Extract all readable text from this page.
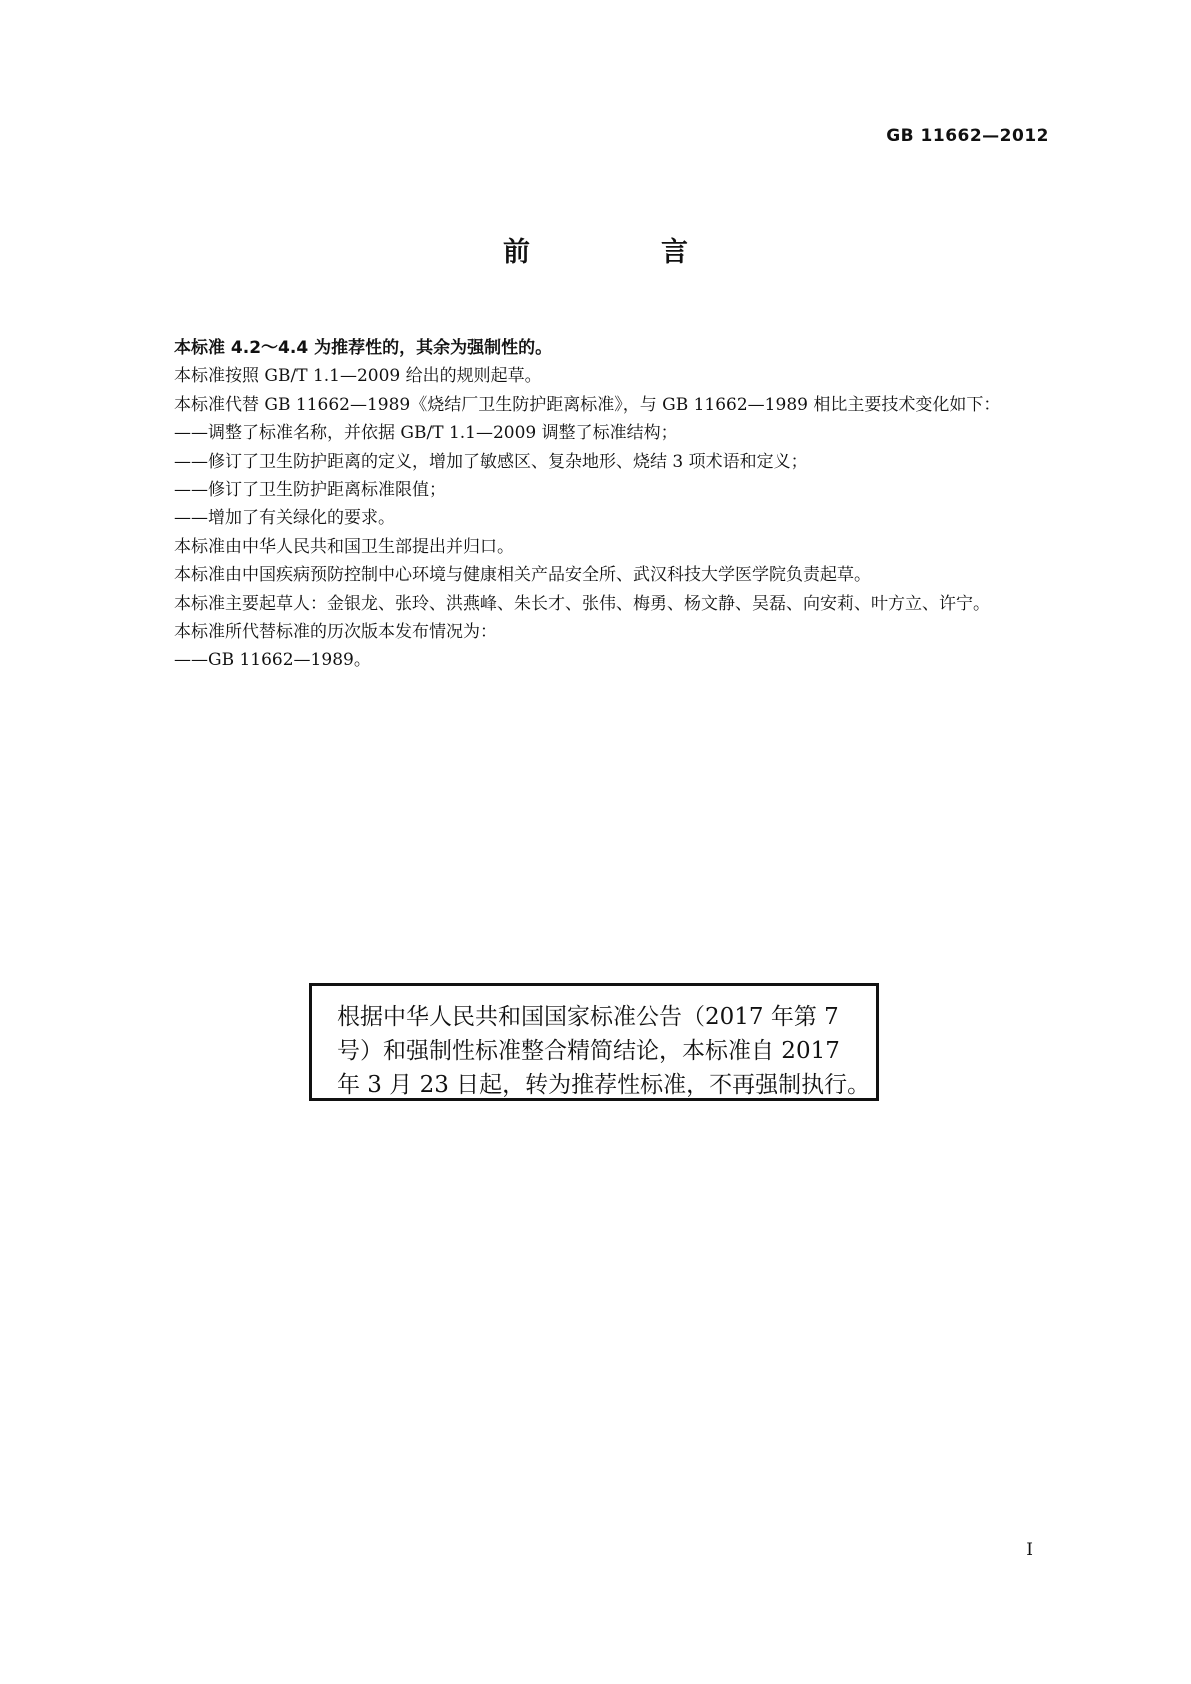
GB 11662—2012
前　言

本标准 4.2～4.4 为推荐性的，其余为强制性的。

本标准按照 GB/T 1.1—2009 给出的规则起草。

本标准代替 GB 11662—1989《烧结厂卫生防护距离标准》，与 GB 11662—1989 相比主要技术变化如下：

——调整了标准名称，并依据 GB/T 1.1—2009 调整了标准结构；

——修订了卫生防护距离的定义，增加了敏感区、复杂地形、烧结 3 项术语和定义；

——修订了卫生防护距离标准限值；

——增加了有关绿化的要求。

本标准由中华人民共和国卫生部提出并归口。

本标准由中国疾病预防控制中心环境与健康相关产品安全所、武汉科技大学医学院负责起草。

本标准主要起草人：金银龙、张玲、洪燕峰、朱长才、张伟、梅勇、杨文静、吴磊、向安莉、叶方立、许宁。

本标准所代替标准的历次版本发布情况为：

——GB 11662—1989。

根据中华人民共和国国家标准公告（2017 年第 7
号）和强制性标准整合精简结论，本标准自 2017
年 3 月 23 日起，转为推荐性标准，不再强制执行。
I
